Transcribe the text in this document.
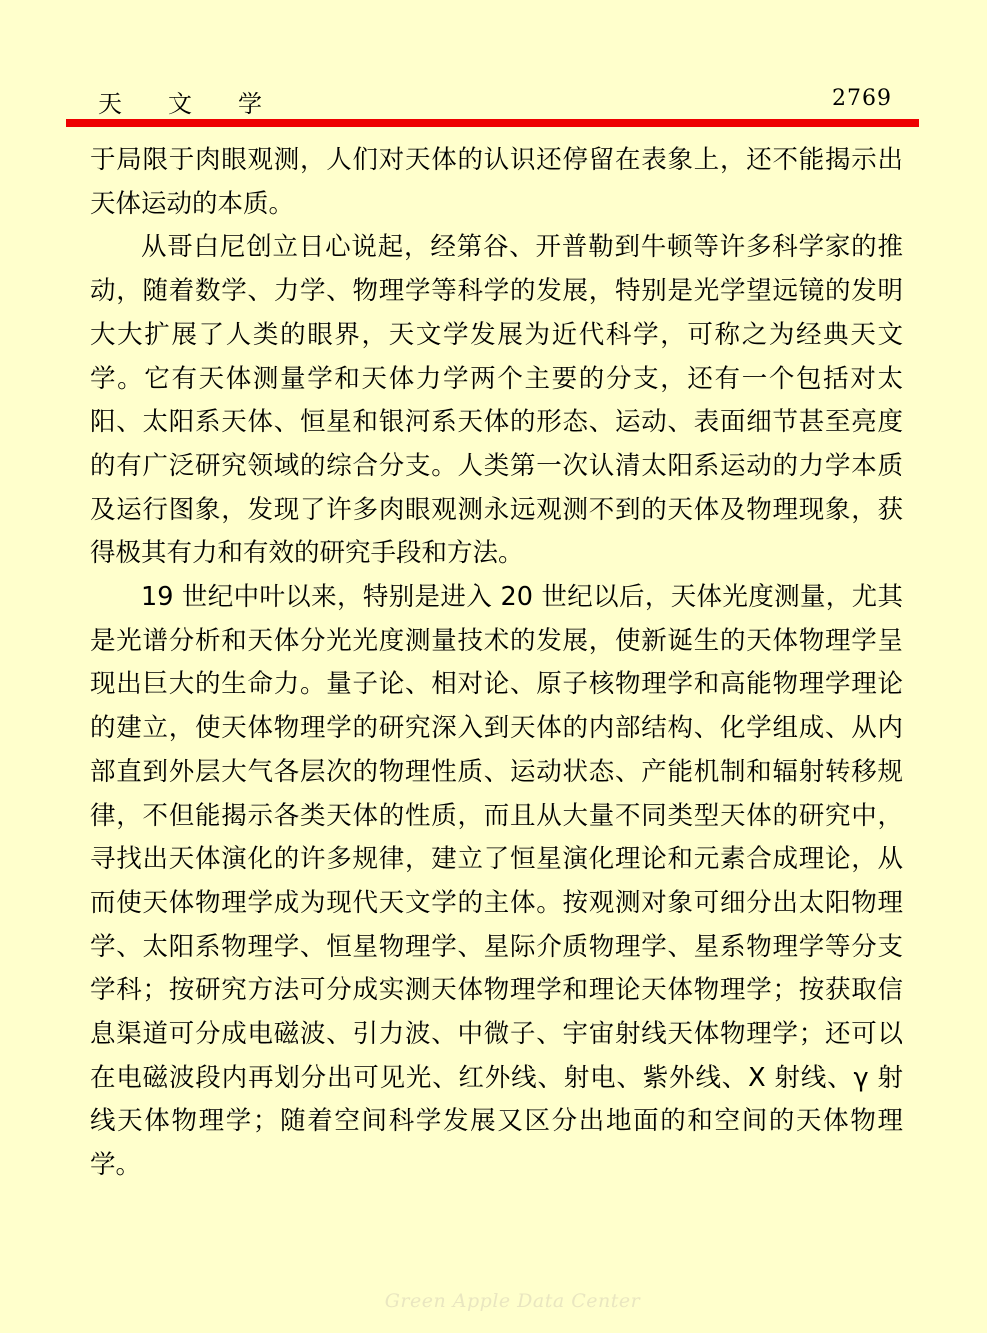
天文学	2769

于局限于肉眼观测，人们对天体的认识还停留在表象上，还不能揭示出天体运动的本质。

从哥白尼创立日心说起，经第谷、开普勒到牛顿等许多科学家的推动，随着数学、力学、物理学等科学的发展，特别是光学望远镜的发明大大扩展了人类的眼界，天文学发展为近代科学，可称之为经典天文学。它有天体测量学和天体力学两个主要的分支，还有一个包括对太阳、太阳系天体、恒星和银河系天体的形态、运动、表面细节甚至亮度的有广泛研究领域的综合分支。人类第一次认清太阳系运动的力学本质及运行图象，发现了许多肉眼观测永远观测不到的天体及物理现象，获得极其有力和有效的研究手段和方法。

19 世纪中叶以来，特别是进入 20 世纪以后，天体光度测量，尤其是光谱分析和天体分光光度测量技术的发展，使新诞生的天体物理学呈现出巨大的生命力。量子论、相对论、原子核物理学和高能物理学理论的建立，使天体物理学的研究深入到天体的内部结构、化学组成、从内部直到外层大气各层次的物理性质、运动状态、产能机制和辐射转移规律，不但能揭示各类天体的性质，而且从大量不同类型天体的研究中，寻找出天体演化的许多规律，建立了恒星演化理论和元素合成理论，从而使天体物理学成为现代天文学的主体。按观测对象可细分出太阳物理学、太阳系物理学、恒星物理学、星际介质物理学、星系物理学等分支学科；按研究方法可分成实测天体物理学和理论天体物理学；按获取信息渠道可分成电磁波、引力波、中微子、宇宙射线天体物理学；还可以在电磁波段内再划分出可见光、红外线、射电、紫外线、X 射线、γ 射线天体物理学；随着空间科学发展又区分出地面的和空间的天体物理学。

Green Apple Data Center
